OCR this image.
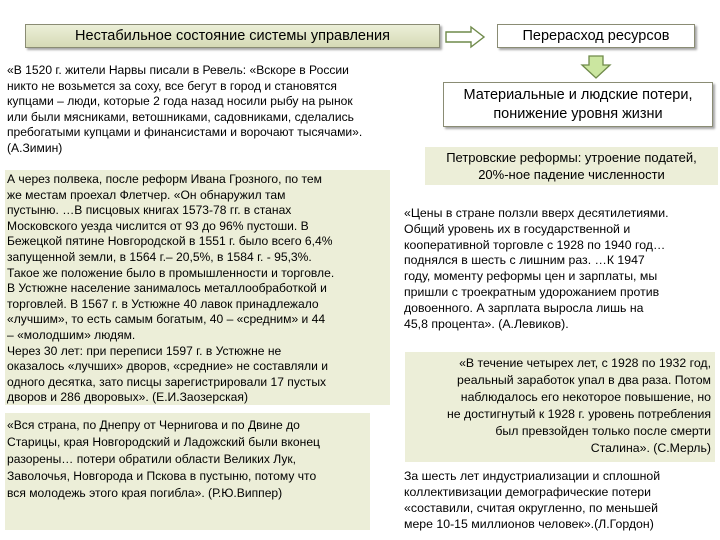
Нестабильное состояние системы управления	Перерасход ресурсов
Материальные и людские потери,
понижение уровня жизни
«В 1520 г. жители Нарвы писали в Ревель: «Вскоре в России
никто не возьмется за соху, все бегут в город и становятся
купцами – люди, которые 2 года назад носили рыбу на рынок
или были мясниками, ветошниками, садовниками, сделались
пребогатыми купцами и финансистами и ворочают тысячами».
(А.Зимин)
Петровские реформы: утроение податей,
20%-ное падение численности
А через полвека, после реформ Ивана Грозного, по тем
же местам проехал Флетчер. «Он обнаружил там
пустыню. …В писцовых книгах 1573-78 гг. в станах
Московского уезда числится от 93 до 96% пустоши. В
Бежецкой пятине Новгородской в 1551 г. было всего 6,4%
запущенной земли, в 1564 г.– 20,5%, в 1584 г. - 95,3%.
Такое же положение было в промышленности и торговле.
В Устюжне население занималось металлообработкой и
торговлей. В 1567 г. в Устюжне 40 лавок принадлежало
«лучшим», то есть самым богатым, 40 – «средним» и 44
– «молодшим» людям.
Через 30 лет: при переписи 1597 г. в Устюжне не
оказалось «лучших» дворов, «средние» не составляли и
одного десятка, зато писцы зарегистрировали 17 пустых
дворов и 286 дворовых». (Е.И.Заозерская)
«Цены в стране ползли вверх десятилетиями.
Общий уровень их в государственной и
кооперативной торговле с 1928 по 1940 год…
поднялся в шесть с лишним раз. …К 1947
году, моменту реформы цен и зарплаты, мы
пришли с троекратным удорожанием против
довоенного. А зарплата выросла лишь на
45,8 процента». (А.Левиков).
«В течение четырех лет, с 1928 по 1932 год,
реальный заработок упал в два раза. Потом
наблюдалось его некоторое повышение, но
не достигнутый к 1928 г. уровень потребления
был превзойден только после смерти
Сталина». (С.Мерль)
«Вся страна, по Днепру от Чернигова и по Двине до
Старицы, края Новгородский и Ладожский были вконец
разорены… потери обратили области Великих Лук,
Заволочья, Новгорода и Пскова в пустыню, потому что
вся молодежь этого края погибла». (Р.Ю.Виппер)
За шесть лет индустриализации и сплошной
коллективизации демографические потери
«составили, считая округленно, по меньшей
мере 10-15 миллионов человек».(Л.Гордон)
